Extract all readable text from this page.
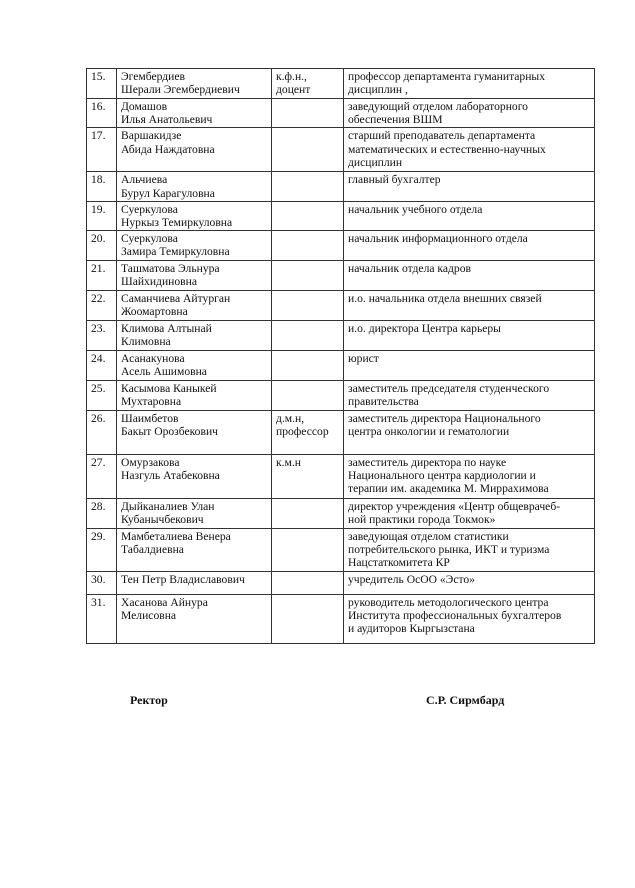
15.	Эгембердиев
Шерали Эгембердиевич	к.ф.н.,
доцент	профессор департамента гуманитарных
дисциплин ,
16.	Домашов
Илья Анатольевич		заведующий отделом лабораторного
обеспечения ВШМ
17.	Варшакидзе
Абида Наждатовна		старший преподаватель департамента
математических и естественно-научных
дисциплин
18.	Альчиева
Бурул Карагуловна		главный бухгалтер
19.	Суеркулова
Нуркыз Темиркуловна		начальник учебного отдела
20.	Суеркулова
Замира Темиркуловна		начальник информационного отдела
21.	Ташматова Эльнура
Шайхидиновна		начальник отдела кадров
22.	Саманчиева Айтурган
Жоомартовна		и.о. начальника отдела внешних связей
23.	Климова Алтынай
Климовна		и.о. директора Центра карьеры
24.	Асанакунова
Асель Ашимовна		юрист
25.	Касымова Каныкей
Мухтаровна		заместитель председателя студенческого
правительства
26.	Шаимбетов
Бакыт Орозбекович	д.м.н,
профессор	заместитель директора Национального
центра онкологии и гематологии
27.	Омурзакова
Назгуль Атабековна	к.м.н	заместитель директора по науке
Национального центра кардиологии и
терапии им. академика М. Миррахимова
28.	Дыйканалиев Улан
Кубанычбекович		директор учреждения «Центр общеврачеб-
ной практики города Токмок»
29.	Мамбеталиева Венера
Табалдиевна		заведующая отделом статистики
потребительского рынка, ИКТ и туризма
Нацстаткомитета КР
30.	Тен Петр Владиславович		учредитель ОсОО «Эсто»
31.	Хасанова Айнура
Мелисовна		руководитель методологического центра
Института профессиональных бухгалтеров
и аудиторов Кыргызстана
Ректор	С.Р. Сирмбард
